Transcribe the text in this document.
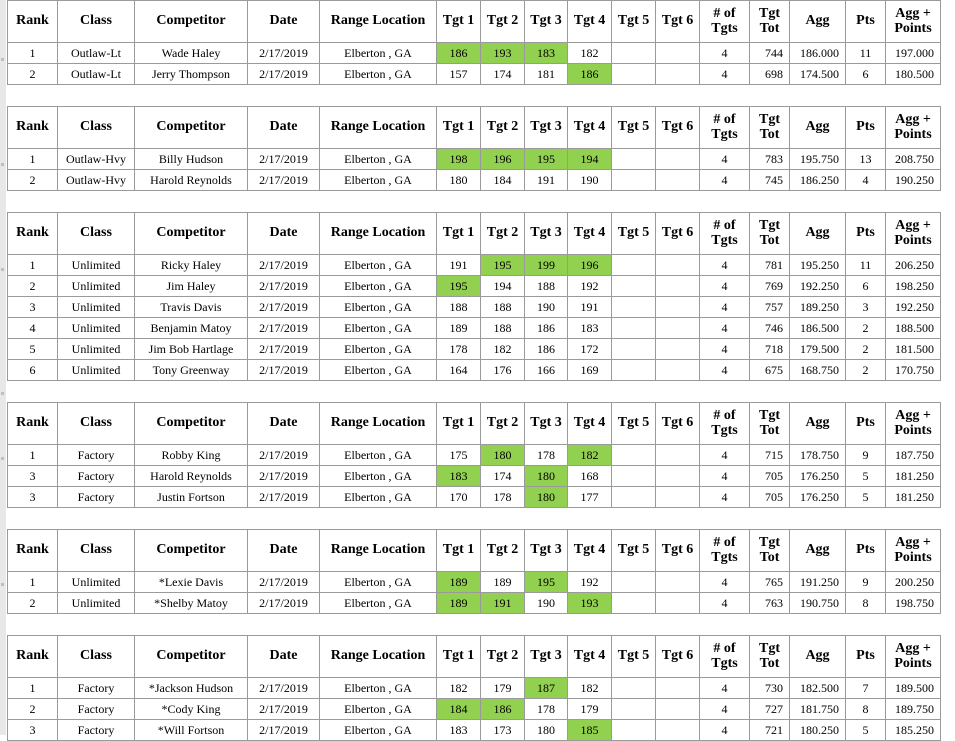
Rank	Class	Competitor	Date	Range Location	Tgt 1	Tgt 2	Tgt 3	Tgt 4	Tgt 5	Tgt 6	# of Tgts	Tgt Tot	Agg	Pts	Agg + Points
1	Outlaw-Lt	Wade Haley	2/17/2019	Elberton , GA	186	193	183	182			4	744	186.000	11	197.000
2	Outlaw-Lt	Jerry Thompson	2/17/2019	Elberton , GA	157	174	181	186			4	698	174.500	6	180.500

Rank	Class	Competitor	Date	Range Location	Tgt 1	Tgt 2	Tgt 3	Tgt 4	Tgt 5	Tgt 6	# of Tgts	Tgt Tot	Agg	Pts	Agg + Points
1	Outlaw-Hvy	Billy Hudson	2/17/2019	Elberton , GA	198	196	195	194			4	783	195.750	13	208.750
2	Outlaw-Hvy	Harold Reynolds	2/17/2019	Elberton , GA	180	184	191	190			4	745	186.250	4	190.250

Rank	Class	Competitor	Date	Range Location	Tgt 1	Tgt 2	Tgt 3	Tgt 4	Tgt 5	Tgt 6	# of Tgts	Tgt Tot	Agg	Pts	Agg + Points
1	Unlimited	Ricky Haley	2/17/2019	Elberton , GA	191	195	199	196			4	781	195.250	11	206.250
2	Unlimited	Jim Haley	2/17/2019	Elberton , GA	195	194	188	192			4	769	192.250	6	198.250
3	Unlimited	Travis Davis	2/17/2019	Elberton , GA	188	188	190	191			4	757	189.250	3	192.250
4	Unlimited	Benjamin Matoy	2/17/2019	Elberton , GA	189	188	186	183			4	746	186.500	2	188.500
5	Unlimited	Jim Bob Hartlage	2/17/2019	Elberton , GA	178	182	186	172			4	718	179.500	2	181.500
6	Unlimited	Tony Greenway	2/17/2019	Elberton , GA	164	176	166	169			4	675	168.750	2	170.750

Rank	Class	Competitor	Date	Range Location	Tgt 1	Tgt 2	Tgt 3	Tgt 4	Tgt 5	Tgt 6	# of Tgts	Tgt Tot	Agg	Pts	Agg + Points
1	Factory	Robby King	2/17/2019	Elberton , GA	175	180	178	182			4	715	178.750	9	187.750
3	Factory	Harold Reynolds	2/17/2019	Elberton , GA	183	174	180	168			4	705	176.250	5	181.250
3	Factory	Justin Fortson	2/17/2019	Elberton , GA	170	178	180	177			4	705	176.250	5	181.250

Rank	Class	Competitor	Date	Range Location	Tgt 1	Tgt 2	Tgt 3	Tgt 4	Tgt 5	Tgt 6	# of Tgts	Tgt Tot	Agg	Pts	Agg + Points
1	Unlimited	*Lexie Davis	2/17/2019	Elberton , GA	189	189	195	192			4	765	191.250	9	200.250
2	Unlimited	*Shelby Matoy	2/17/2019	Elberton , GA	189	191	190	193			4	763	190.750	8	198.750

Rank	Class	Competitor	Date	Range Location	Tgt 1	Tgt 2	Tgt 3	Tgt 4	Tgt 5	Tgt 6	# of Tgts	Tgt Tot	Agg	Pts	Agg + Points
1	Factory	*Jackson Hudson	2/17/2019	Elberton , GA	182	179	187	182			4	730	182.500	7	189.500
2	Factory	*Cody King	2/17/2019	Elberton , GA	184	186	178	179			4	727	181.750	8	189.750
3	Factory	*Will Fortson	2/17/2019	Elberton , GA	183	173	180	185			4	721	180.250	5	185.250
